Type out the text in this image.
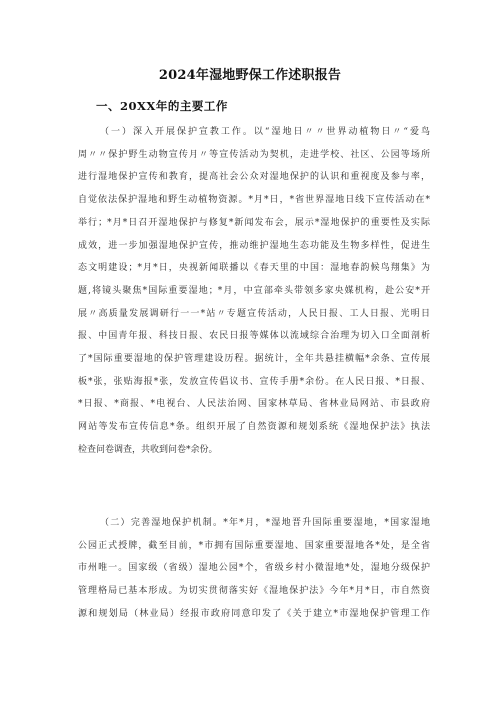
2024年湿地野保工作述职报告
一、20XX年的主要工作
（一）深入开展保护宣教工作。以“湿地日〃〃世界动植物日〃“爱鸟
周〃〃保护野生动物宣传月〃等宣传活动为契机，走进学校、社区、公园等场所
进行湿地保护宣传和教育，提高社会公众对湿地保护的认识和重视度及参与率，
自觉依法保护湿地和野生动植物资源。*月*日，*省世界湿地日线下宣传活动在*
举行；*月*日召开湿地保护与修复*新闻发布会，展示*湿地保护的重要性及实际
成效，进一步加强湿地保护宣传，推动维护湿地生态功能及生物多样性，促进生
态文明建设；*月*日，央视新闻联播以《春天里的中国：湿地春韵候鸟翔集》为
题,将镜头聚焦*国际重要湿地；*月，中宣部牵头带领多家央媒机构，赴公安*开
展〃高质量发展调研行一一*站〃专题宣传活动，人民日报、工人日报、光明日
报、中国青年报、科技日报、农民日报等媒体以流域综合治理为切入口全面剖析
了*国际重要湿地的保护管理建设历程。据统计，全年共悬挂横幅*余条、宣传展
板*张，张贴海报*张，发放宣传倡议书、宣传手册*余份。在人民日报、*日报、
*日报、*商报、*电视台、人民法治网、国家林草局、省林业局网站、市县政府
网站等发布宣传信息*条。组织开展了自然资源和规划系统《湿地保护法》执法
检查问卷调查，共收到问卷*余份。
（二）完善湿地保护机制。*年*月，*湿地晋升国际重要湿地，*国家湿地
公园正式授牌，截至目前，*市拥有国际重要湿地、国家重要湿地各*处，是全省
市州唯一。国家级（省级）湿地公园*个，省级乡村小微湿地*处，湿地分级保护
管理格局已基本形成。为切实贯彻落实好《湿地保护法》今年*月*日，市自然资
源和规划局（林业局）经报市政府同意印发了《关于建立*市湿地保护管理工作
